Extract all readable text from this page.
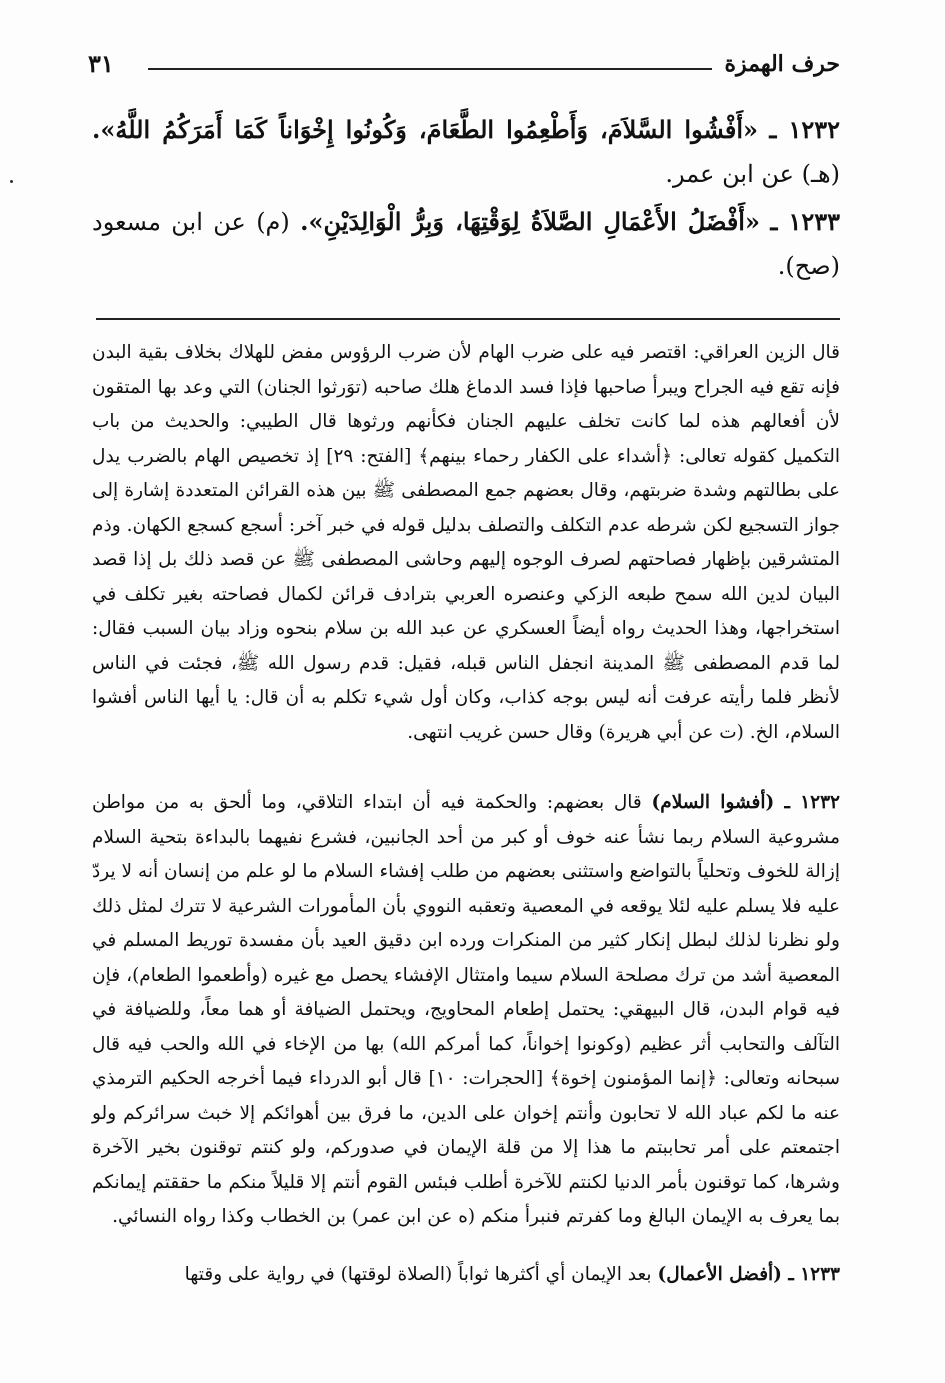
حرف الهمزة
٣١
١٢٣٢ ـ «أَفْشُوا السَّلاَمَ، وَأَطْعِمُوا الطَّعَامَ، وَكُونُوا إِخْوَاناً كَمَا أَمَرَكُمُ اللَّهُ». (هـ) عن ابن عمر.
١٢٣٣ ـ «أَفْضَلُ الأَعْمَالِ الصَّلاَةُ لِوَقْتِهَا، وَبِرُّ الْوَالِدَيْنِ». (م) عن ابن مسعود (صح).
قال الزين العراقي: اقتصر فيه على ضرب الهام لأن ضرب الرؤوس مفض للهلاك بخلاف بقية البدن فإنه تقع فيه الجراح ويبرأ صاحبها فإذا فسد الدماغ هلك صاحبه (توَرثوا الجنان) التي وعد بها المتقون لأن أفعالهم هذه لما كانت تخلف عليهم الجنان فكأنهم ورثوها قال الطيبي: والحديث من باب التكميل كقوله تعالى: ﴿أشداء على الكفار رحماء بينهم﴾ [الفتح: ٢٩] إذ تخصيص الهام بالضرب يدل على بطالتهم وشدة ضربتهم، وقال بعضهم جمع المصطفى ﷺ بين هذه القرائن المتعددة إشارة إلى جواز التسجيع لكن شرطه عدم التكلف والتصلف بدليل قوله في خبر آخر: أسجع كسجع الكهان. وذم المتشرقين بإظهار فصاحتهم لصرف الوجوه إليهم وحاشى المصطفى ﷺ عن قصد ذلك بل إذا قصد البيان لدين الله سمح طبعه الزكي وعنصره العربي بترادف قرائن لكمال فصاحته بغير تكلف في استخراجها، وهذا الحديث رواه أيضاً العسكري عن عبد الله بن سلام بنحوه وزاد بيان السبب فقال: لما قدم المصطفى ﷺ المدينة انجفل الناس قبله، فقيل: قدم رسول الله ﷺ، فجئت في الناس لأنظر فلما رأيته عرفت أنه ليس بوجه كذاب، وكان أول شيء تكلم به أن قال: يا أيها الناس أفشوا السلام، الخ. (ت عن أبي هريرة) وقال حسن غريب انتهى.
١٢٣٢ ـ (أفشوا السلام) قال بعضهم: والحكمة فيه أن ابتداء التلاقي، وما ألحق به من مواطن مشروعية السلام ربما نشأ عنه خوف أو كبر من أحد الجانبين، فشرع نفيهما بالبداءة بتحية السلام إزالة للخوف وتحلياً بالتواضع واستثنى بعضهم من طلب إفشاء السلام ما لو علم من إنسان أنه لا يردّ عليه فلا يسلم عليه لئلا يوقعه في المعصية وتعقبه النووي بأن المأمورات الشرعية لا تترك لمثل ذلك ولو نظرنا لذلك لبطل إنكار كثير من المنكرات ورده ابن دقيق العيد بأن مفسدة توريط المسلم في المعصية أشد من ترك مصلحة السلام سيما وامتثال الإفشاء يحصل مع غيره (وأطعموا الطعام)، فإن فيه قوام البدن، قال البيهقي: يحتمل إطعام المحاويج، ويحتمل الضيافة أو هما معاً، وللضيافة في التآلف والتحابب أثر عظيم (وكونوا إخواناً، كما أمركم الله) بها من الإخاء في الله والحب فيه قال سبحانه وتعالى: ﴿إنما المؤمنون إخوة﴾ [الحجرات: ١٠] قال أبو الدرداء فيما أخرجه الحكيم الترمذي عنه ما لكم عباد الله لا تحابون وأنتم إخوان على الدين، ما فرق بين أهوائكم إلا خبث سرائركم ولو اجتمعتم على أمر تحاببتم ما هذا إلا من قلة الإيمان في صدوركم، ولو كنتم توقنون بخير الآخرة وشرها، كما توقنون بأمر الدنيا لكنتم للآخرة أطلب فبئس القوم أنتم إلا قليلاً منكم ما حققتم إيمانكم بما يعرف به الإيمان البالغ وما كفرتم فنبرأ منكم (ه عن ابن عمر) بن الخطاب وكذا رواه النسائي.
١٢٣٣ ـ (أفضل الأعمال) بعد الإيمان أي أكثرها ثواباً (الصلاة لوقتها) في رواية على وقتها
